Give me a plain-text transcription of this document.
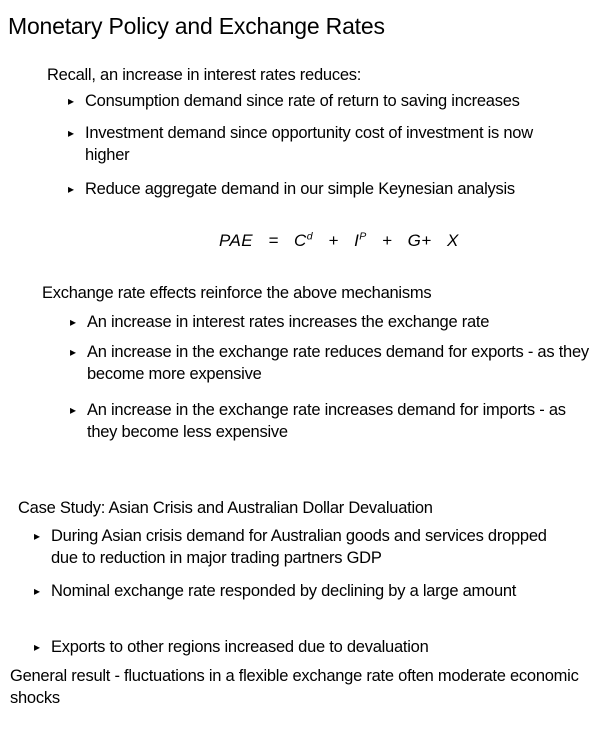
Monetary Policy and Exchange Rates
Recall, an increase in interest rates reduces:
▸ Consumption demand since rate of return to saving increases
▸ Investment demand since opportunity cost of investment is now higher
▸ Reduce aggregate demand in our simple Keynesian analysis
PAE = $C^d + I^P + G+ X$
Exchange rate effects reinforce the above mechanisms
▸ An increase in interest rates increases the exchange rate
▸ An increase in the exchange rate reduces demand for exports - as they become more expensive
▸ An increase in the exchange rate increases demand for imports - as they become less expensive
Case Study: Asian Crisis and Australian Dollar Devaluation
▸ During Asian crisis demand for Australian goods and services dropped due to reduction in major trading partners GDP
▸ Nominal exchange rate responded by declining by a large amount
▸ Exports to other regions increased due to devaluation
General result - fluctuations in a flexible exchange rate often moderate economic shocks
